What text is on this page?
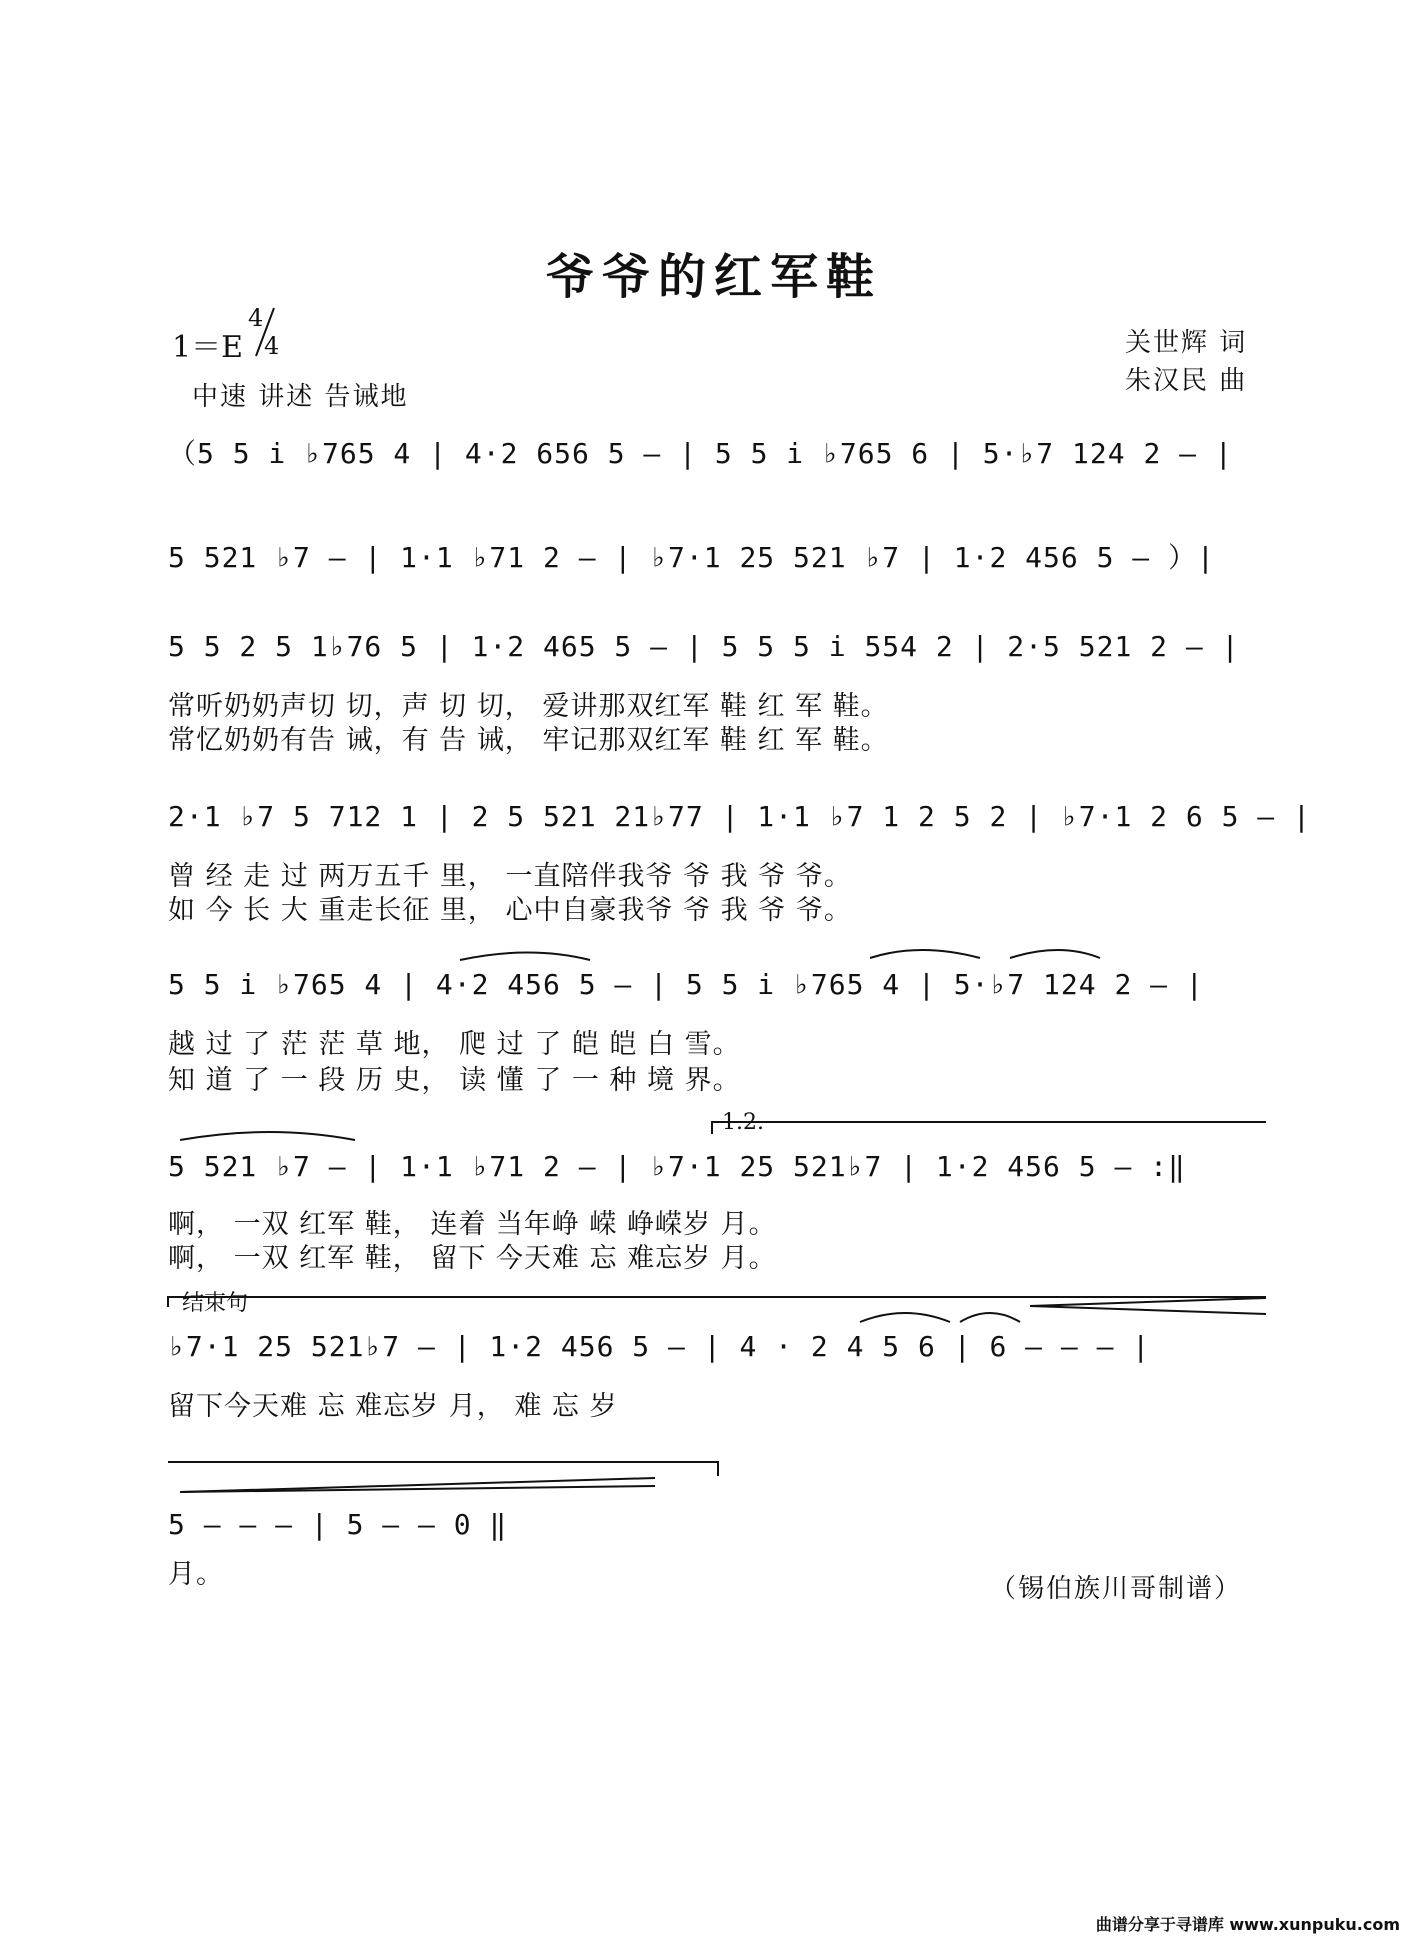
爷爷的红军鞋
1＝E
4
4
中速 讲述 告诫地
关世辉 词
朱汉民 曲
（5 5 i ♭765 4 | 4·2 656 5 — | 5 5 i ♭765 6 | 5·♭7 124 2 — |
5 521 ♭7 — | 1·1 ♭71 2 — | ♭7·1 25 521 ♭7 | 1·2 456 5 — ）|
5 5 2 5 1♭76 5 | 1·2 465 5 — | 5 5 5 i 554 2 | 2·5 521 2 — |
常听奶奶声切 切，声 切 切， 爱讲那双红军 鞋 红 军 鞋。
常忆奶奶有告 诫，有 告 诫， 牢记那双红军 鞋 红 军 鞋。
2·1 ♭7 5 712 1 | 2 5 521 21♭77 | 1·1 ♭7 1 2 5 2 | ♭7·1 2 6 5 — |
曾 经 走 过 两万五千 里， 一直陪伴我爷 爷 我 爷 爷。
如 今 长 大 重走长征 里， 心中自豪我爷 爷 我 爷 爷。
5 5 i ♭765 4 | 4·2 456 5 — | 5 5 i ♭765 4 | 5·♭7 124 2 — |
越 过 了 茫 茫 草 地， 爬 过 了 皑 皑 白 雪。
知 道 了 一 段 历 史， 读 懂 了 一 种 境 界。
1.2.
5 521 ♭7 — | 1·1 ♭71 2 — | ♭7·1 25 521♭7 | 1·2 456 5 — :‖
啊， 一双 红军 鞋， 连着 当年峥 嵘 峥嵘岁 月。
啊， 一双 红军 鞋， 留下 今天难 忘 难忘岁 月。
结束句
♭7·1 25 521♭7 — | 1·2 456 5 — | 4 · 2 4 5 6 | 6 — — — |
留下今天难 忘 难忘岁 月， 难 忘 岁
5 — — — | 5 — — 0 ‖
月。	（锡伯族川哥制谱）
曲谱分享于寻谱库 www.xunpuku.com
